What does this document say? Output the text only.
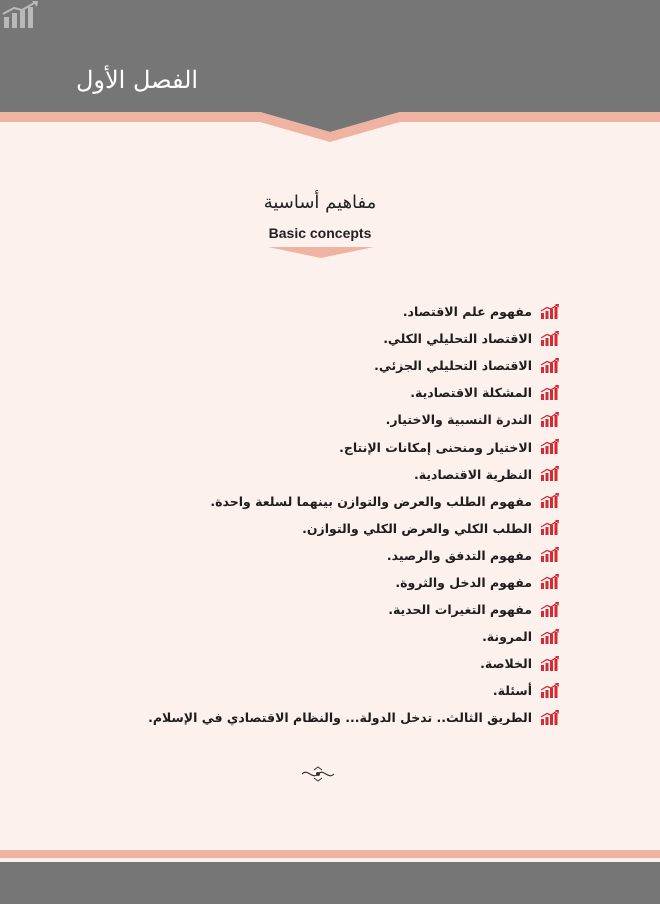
الفصل الأول
مفاهيم أساسية
Basic concepts
مفهوم علم الاقتصاد.
الاقتصاد التحليلي الكلي.
الاقتصاد التحليلي الجزئي.
المشكلة الاقتصادية.
الندرة النسبية والاختيار.
الاختيار ومنحنى إمكانات الإنتاج.
النظرية الاقتصادية.
مفهوم الطلب والعرض والتوازن بينهما لسلعة واحدة.
الطلب الكلي والعرض الكلي والتوازن.
مفهوم التدفق والرصيد.
مفهوم الدخل والثروة.
مفهوم التغيرات الحدية.
المرونة.
الخلاصة.
أسئلة.
الطريق الثالث.. تدخل الدولة... والنظام الاقتصادي في الإسلام.
